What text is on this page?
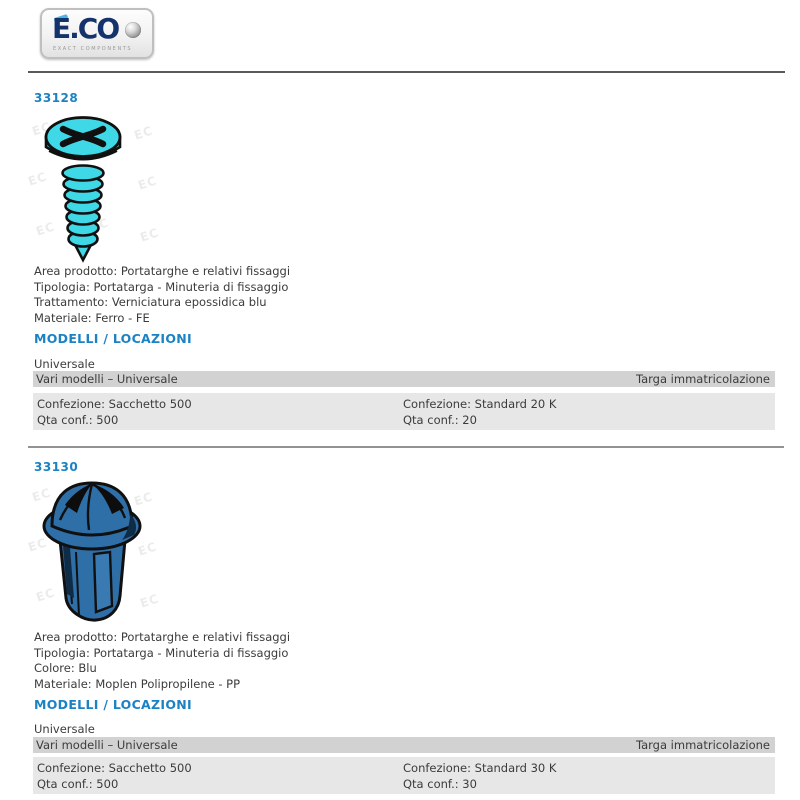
E.CO
EXACT COMPONENTS
33128
EC	EC
EC	EC
EC	EC
EC
Area prodotto: Portatarghe e relativi fissaggi
Tipologia: Portatarga - Minuteria di fissaggio
Trattamento: Verniciatura epossidica blu
Materiale: Ferro - FE
MODELLI / LOCAZIONI
Universale
Vari modelli – Universale	Targa immatricolazione
Confezione: Sacchetto 500
Qta conf.: 500
Confezione: Standard 20 K
Qta conf.: 20
33130
EC	EC
EC	EC
EC	EC
Area prodotto: Portatarghe e relativi fissaggi
Tipologia: Portatarga - Minuteria di fissaggio
Colore: Blu
Materiale: Moplen Polipropilene - PP
MODELLI / LOCAZIONI
Universale
Vari modelli – Universale	Targa immatricolazione
Confezione: Sacchetto 500
Qta conf.: 500
Confezione: Standard 30 K
Qta conf.: 30
